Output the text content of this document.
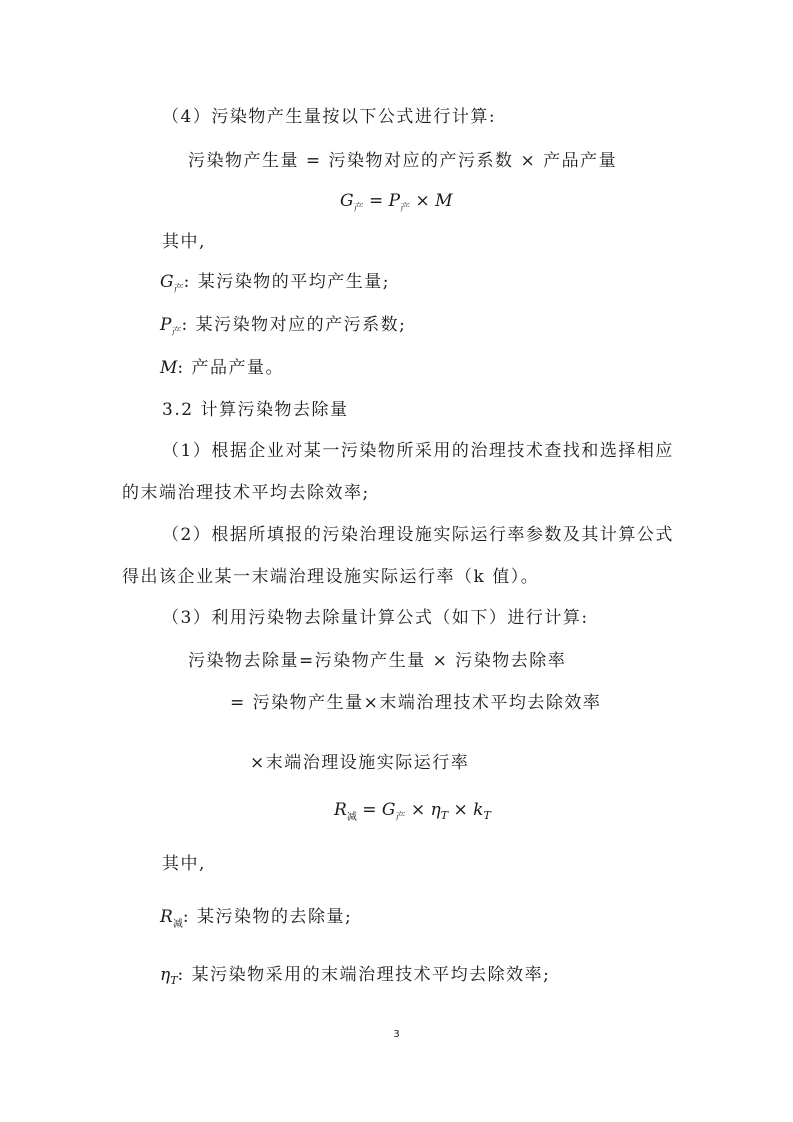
（4）污染物产生量按以下公式进行计算:
污染物产生量 = 污染物对应的产污系数 × 产品产量
$G_产 = P_产 \times M$
其中,
$G_产$: 某污染物的平均产生量;
$P_产$: 某污染物对应的产污系数;
M: 产品产量。
3.2 计算污染物去除量
（1）根据企业对某一污染物所采用的治理技术查找和选择相应
的末端治理技术平均去除效率;
（2）根据所填报的污染治理设施实际运行率参数及其计算公式
得出该企业某一末端治理设施实际运行率（k 值）。
（3）利用污染物去除量计算公式（如下）进行计算:
污染物去除量=污染物产生量 × 污染物去除率
= 污染物产生量×末端治理技术平均去除效率
×末端治理设施实际运行率
$R_减 = G_产 \times \eta_T \times k_T$
其中,
$R_减$: 某污染物的去除量;
$\eta_T$: 某污染物采用的末端治理技术平均去除效率;
3
